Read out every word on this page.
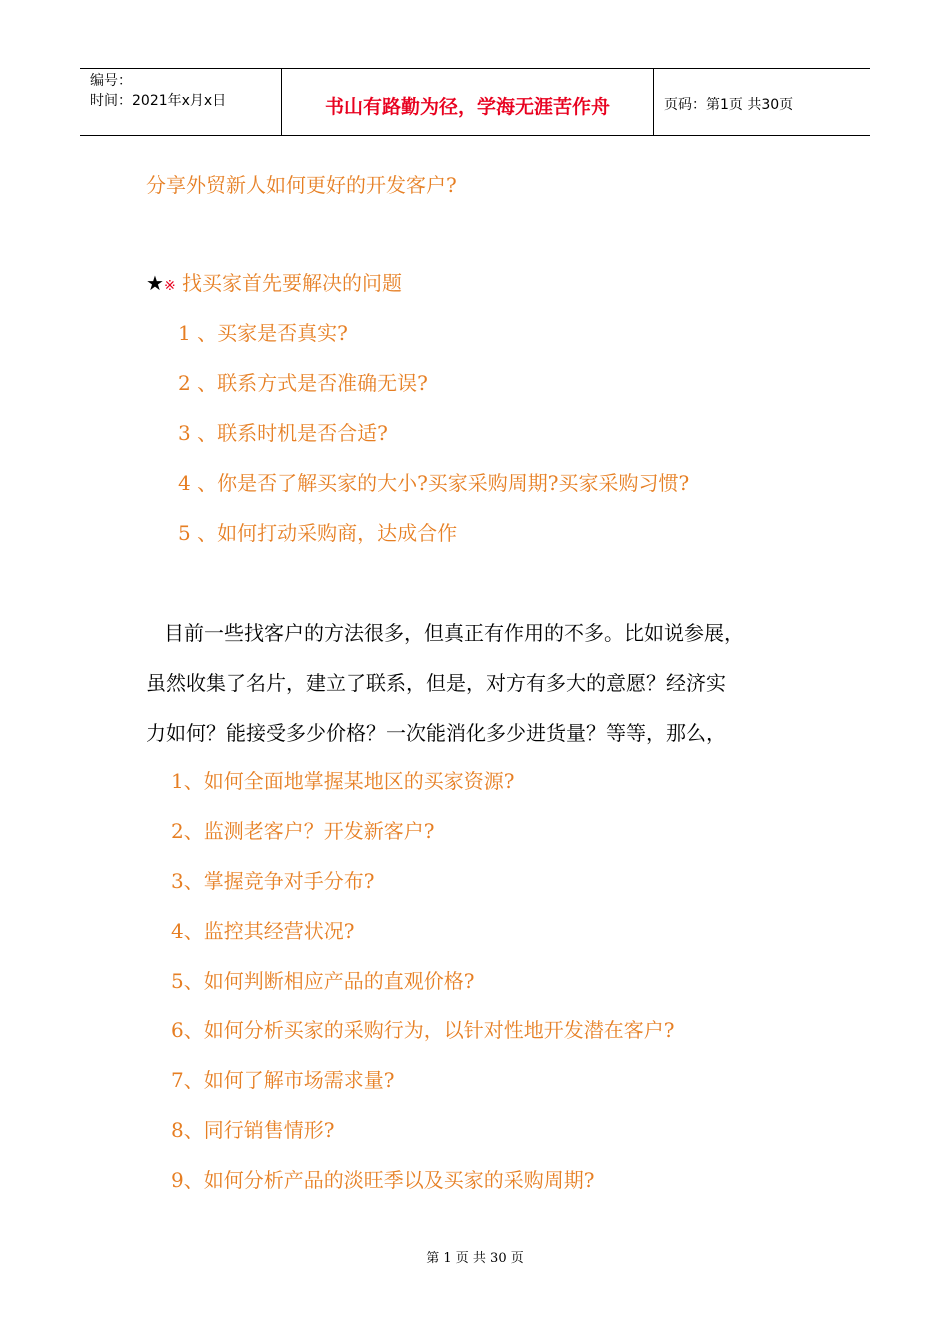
编号：
时间：2021年x月x日	书山有路勤为径，学海无涯苦作舟	页码：第1页 共30页
分享外贸新人如何更好的开发客户?
★※ 找买家首先要解决的问题
1 、买家是否真实?
2 、联系方式是否准确无误?
3 、联系时机是否合适?
4 、你是否了解买家的大小?买家采购周期?买家采购习惯?
5 、如何打动采购商，达成合作
目前一些找客户的方法很多，但真正有作用的不多。比如说参展，
虽然收集了名片，建立了联系，但是，对方有多大的意愿？经济实
力如何？能接受多少价格？一次能消化多少进货量？等等，那么，
1、如何全面地掌握某地区的买家资源?
2、监测老客户？开发新客户?
3、掌握竞争对手分布?
4、监控其经营状况?
5、如何判断相应产品的直观价格?
6、如何分析买家的采购行为，以针对性地开发潜在客户?
7、如何了解市场需求量?
8、同行销售情形?
9、如何分析产品的淡旺季以及买家的采购周期?
第 1 页 共 30 页
